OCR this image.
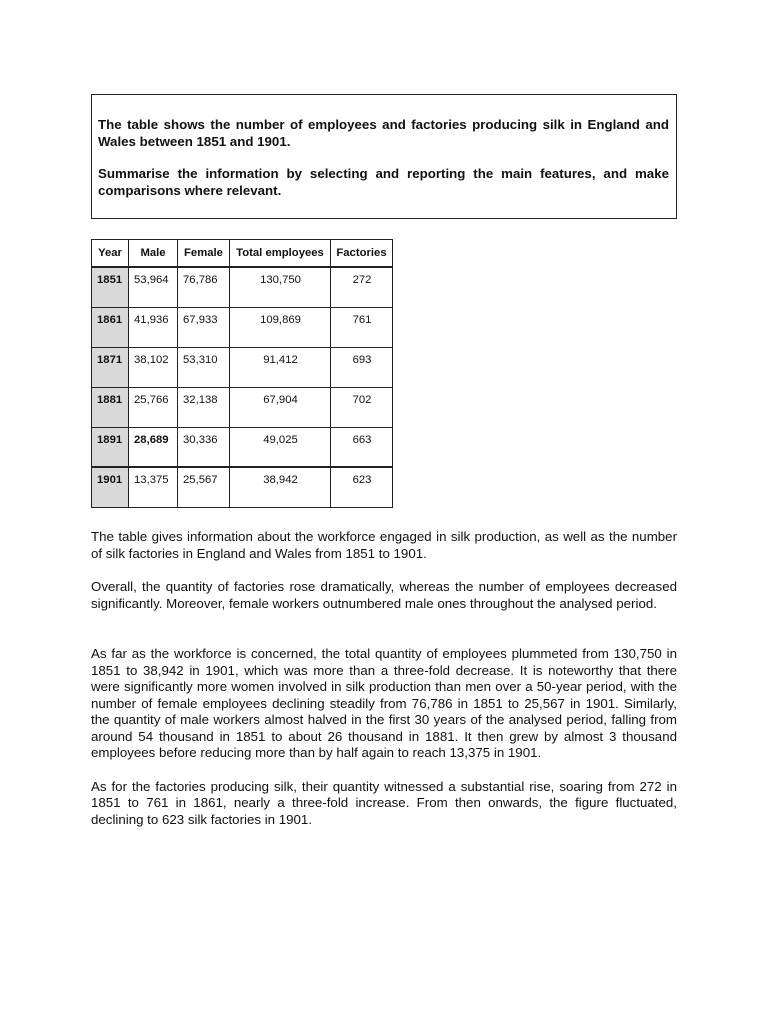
The table shows the number of employees and factories producing silk in England and Wales between 1851 and 1901.

Summarise the information by selecting and reporting the main features, and make comparisons where relevant.

Year	Male	Female	Total employees	Factories
1851	53,964	76,786	130,750	272
1861	41,936	67,933	109,869	761
1871	38,102	53,310	91,412	693
1881	25,766	32,138	67,904	702
1891	28,689	30,336	49,025	663
1901	13,375	25,567	38,942	623

The table gives information about the workforce engaged in silk production, as well as the number of silk factories in England and Wales from 1851 to 1901.

Overall, the quantity of factories rose dramatically, whereas the number of employees decreased significantly. Moreover, female workers outnumbered male ones throughout the analysed period.

As far as the workforce is concerned, the total quantity of employees plummeted from 130,750 in 1851 to 38,942 in 1901, which was more than a three-fold decrease. It is noteworthy that there were significantly more women involved in silk production than men over a 50-year period, with the number of female employees declining steadily from 76,786 in 1851 to 25,567 in 1901. Similarly, the quantity of male workers almost halved in the first 30 years of the analysed period, falling from around 54 thousand in 1851 to about 26 thousand in 1881. It then grew by almost 3 thousand employees before reducing more than by half again to reach 13,375 in 1901.

As for the factories producing silk, their quantity witnessed a substantial rise, soaring from 272 in 1851 to 761 in 1861, nearly a three-fold increase. From then onwards, the figure fluctuated, declining to 623 silk factories in 1901.
